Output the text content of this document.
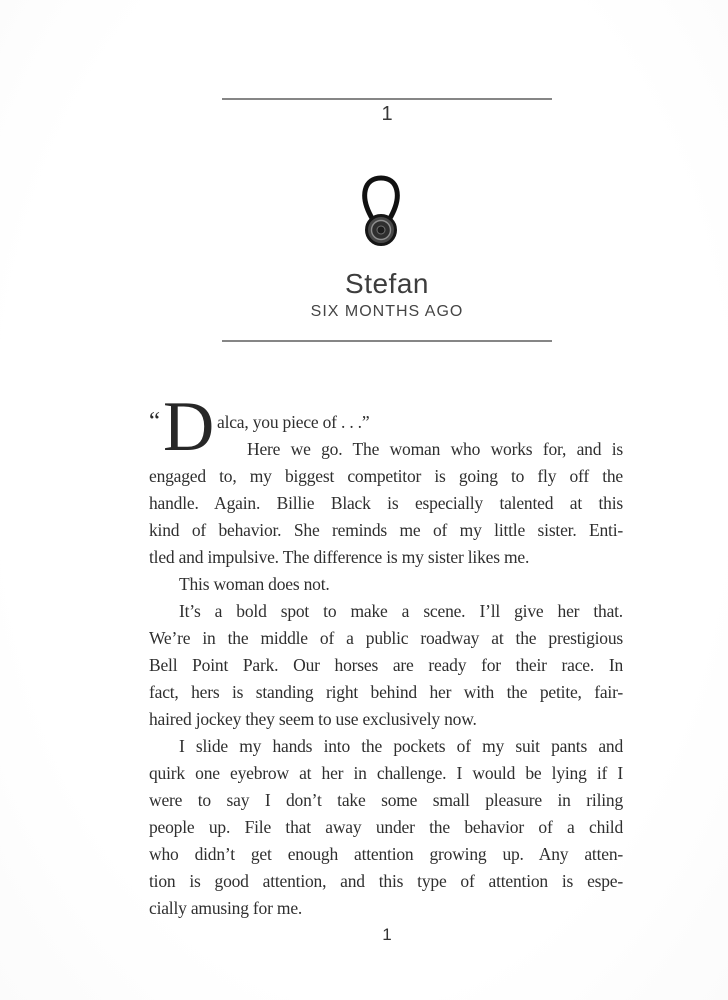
1
Stefan
SIX MONTHS AGO
“ D alca, you piece of . . .”
Here we go. The woman who works for, and is
engaged to, my biggest competitor is going to fly off the
handle. Again. Billie Black is especially talented at this
kind of behavior. She reminds me of my little sister. Enti-
tled and impulsive. The difference is my sister likes me.
This woman does not.
It’s a bold spot to make a scene. I’ll give her that.
We’re in the middle of a public roadway at the prestigious
Bell Point Park. Our horses are ready for their race. In
fact, hers is standing right behind her with the petite, fair-
haired jockey they seem to use exclusively now.
I slide my hands into the pockets of my suit pants and
quirk one eyebrow at her in challenge. I would be lying if I
were to say I don’t take some small pleasure in riling
people up. File that away under the behavior of a child
who didn’t get enough attention growing up. Any atten-
tion is good attention, and this type of attention is espe-
cially amusing for me.
1
